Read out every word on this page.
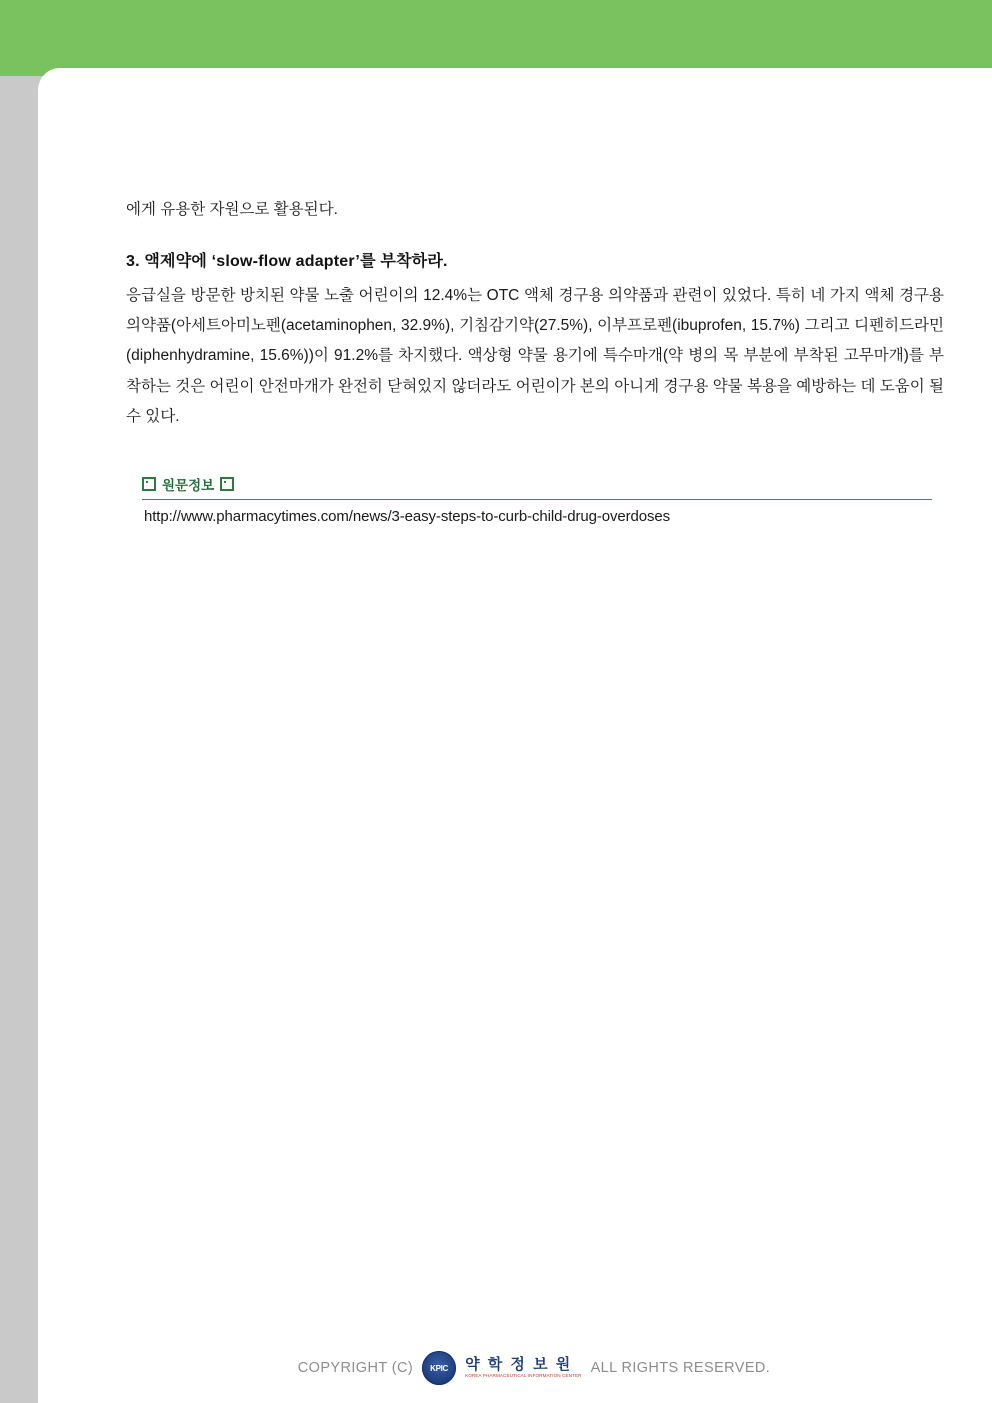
에게 유용한 자원으로 활용된다.

3. 액제약에 ‘slow-flow adapter’를 부착하라.

응급실을 방문한 방치된 약물 노출 어린이의 12.4%는 OTC 액체 경구용 의약품과 관련이 있었다. 특히 네 가지 액체 경구용 의약품(아세트아미노펜(acetaminophen, 32.9%), 기침감기약(27.5%), 이부프로펜(ibuprofen, 15.7%) 그리고 디펜히드라민(diphenhydramine, 15.6%))이 91.2%를 차지했다. 액상형 약물 용기에 특수마개(약 병의 목 부분에 부착된 고무마개)를 부착하는 것은 어린이 안전마개가 완전히 닫혀있지 않더라도 어린이가 본의 아니게 경구용 약물 복용을 예방하는 데 도움이 될 수 있다.

원문정보
http://www.pharmacytimes.com/news/3-easy-steps-to-curb-child-drug-overdoses
COPYRIGHT (C)	KPIC	약 학 정 보 원
KOREA PHARMACEUTICAL INFORMATION CENTER ALL RIGHTS RESERVED.
